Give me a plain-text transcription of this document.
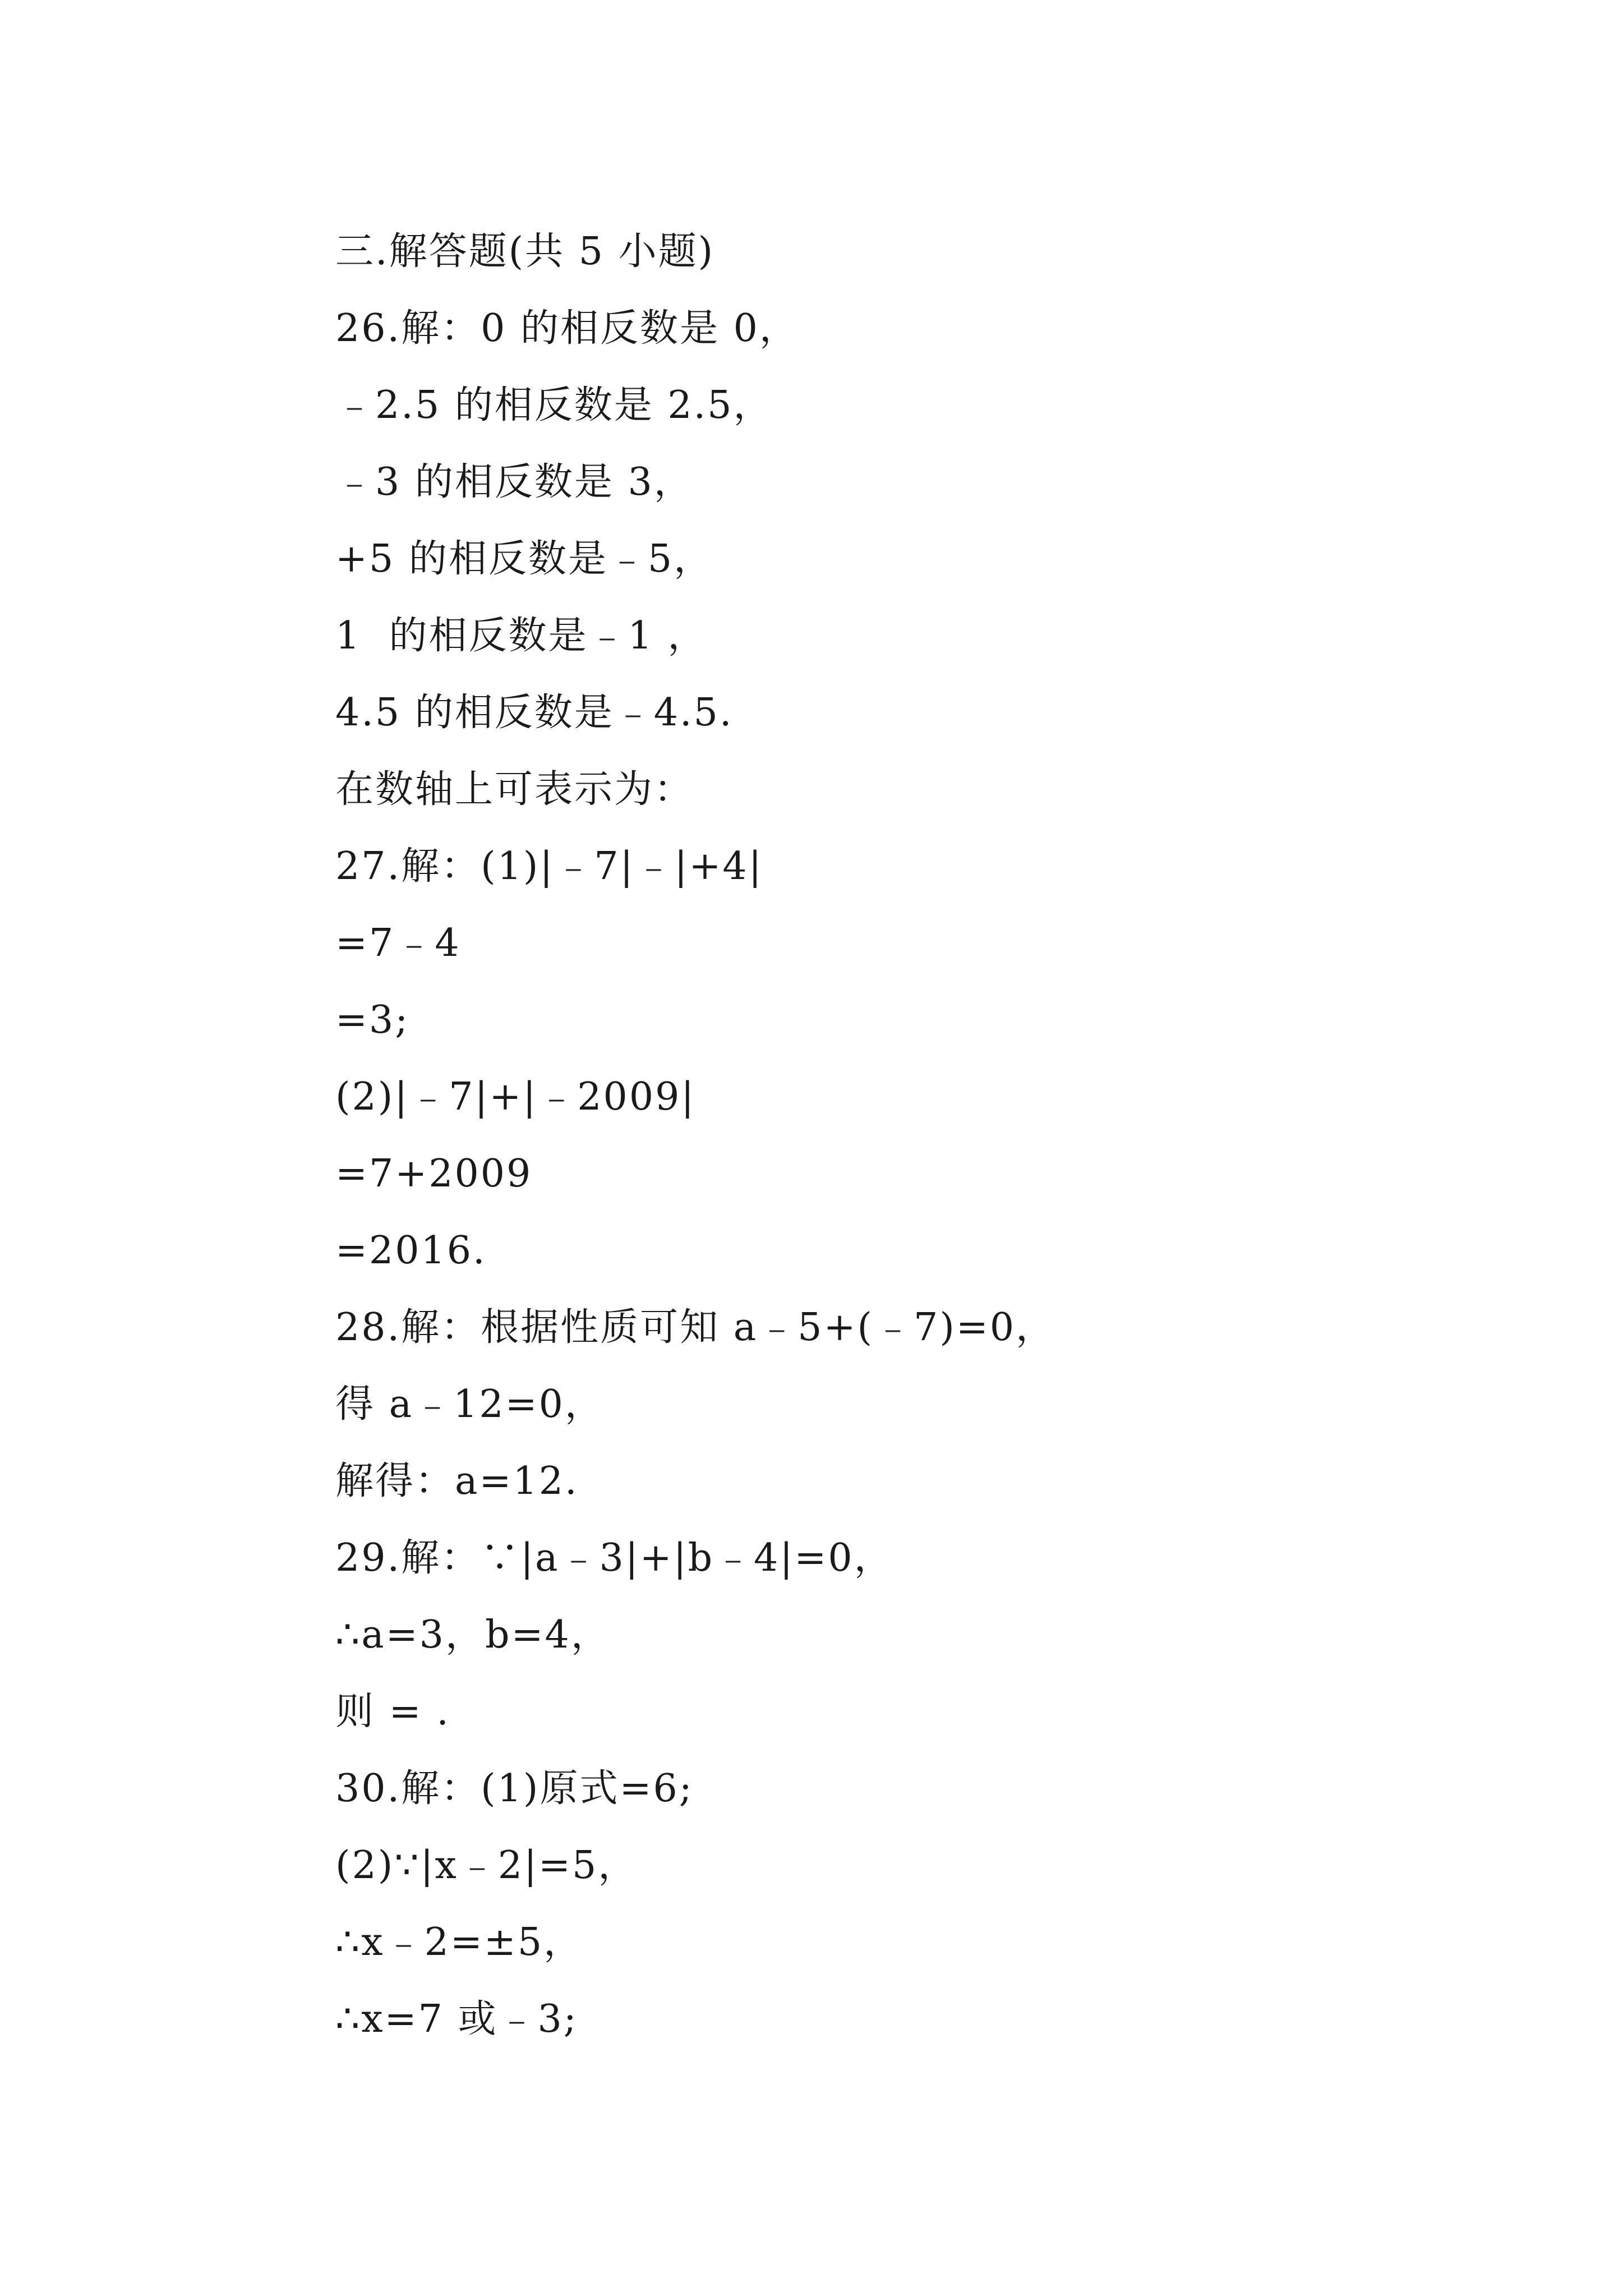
三.解答题(共 5 小题)
26.解：0 的相反数是 0，
﹣2.5 的相反数是 2.5，
﹣3 的相反数是 3，
+5 的相反数是﹣5，
1  的相反数是﹣1 ，
4.5 的相反数是﹣4.5.
在数轴上可表示为：
27.解：(1)|﹣7|﹣|+4|
=7﹣4
=3;
(2)|﹣7|+|﹣2009|
=7+2009
=2016.
28.解：根据性质可知 a﹣5+(﹣7)=0，
得 a﹣12=0，
解得：a=12.
29.解：∵|a﹣3|+|b﹣4|=0，
∴a=3，b=4，
则 = .
30.解：(1)原式=6;
(2)∵|x﹣2|=5，
∴x﹣2=±5，
∴x=7 或﹣3;
